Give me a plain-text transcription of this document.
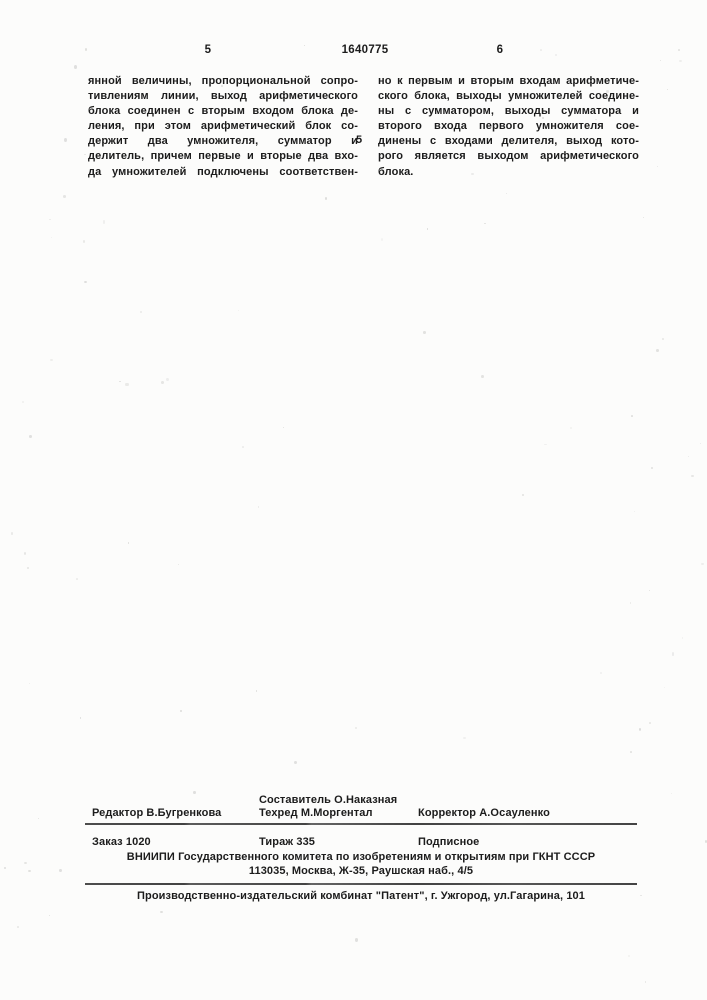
5	1640775	6
янной величины, пропорциональной сопро-
тивлениям линии, выход арифметического
блока соединен с вторым входом блока де-
ления, при этом арифметический блок со-
держит два умножителя, сумматор и
делитель, причем первые и вторые два вхо-
да умножителей подключены соответствен-
5
но к первым и вторым входам арифметиче-
ского блока, выходы умножителей соедине-
ны с сумматором, выходы сумматора и
второго входа первого умножителя сое-
динены с входами делителя, выход кото-
рого является выходом арифметического
блока.
Составитель О.Наказная
Редактор В.Бугренкова	Техред М.Моргентал	Корректор А.Осауленко
Заказ 1020	Тираж 335	Подписное
ВНИИПИ Государственного комитета по изобретениям и открытиям при ГКНТ СССР
113035, Москва, Ж-35, Раушская наб., 4/5
Производственно-издательский комбинат "Патент", г. Ужгород, ул.Гагарина, 101
